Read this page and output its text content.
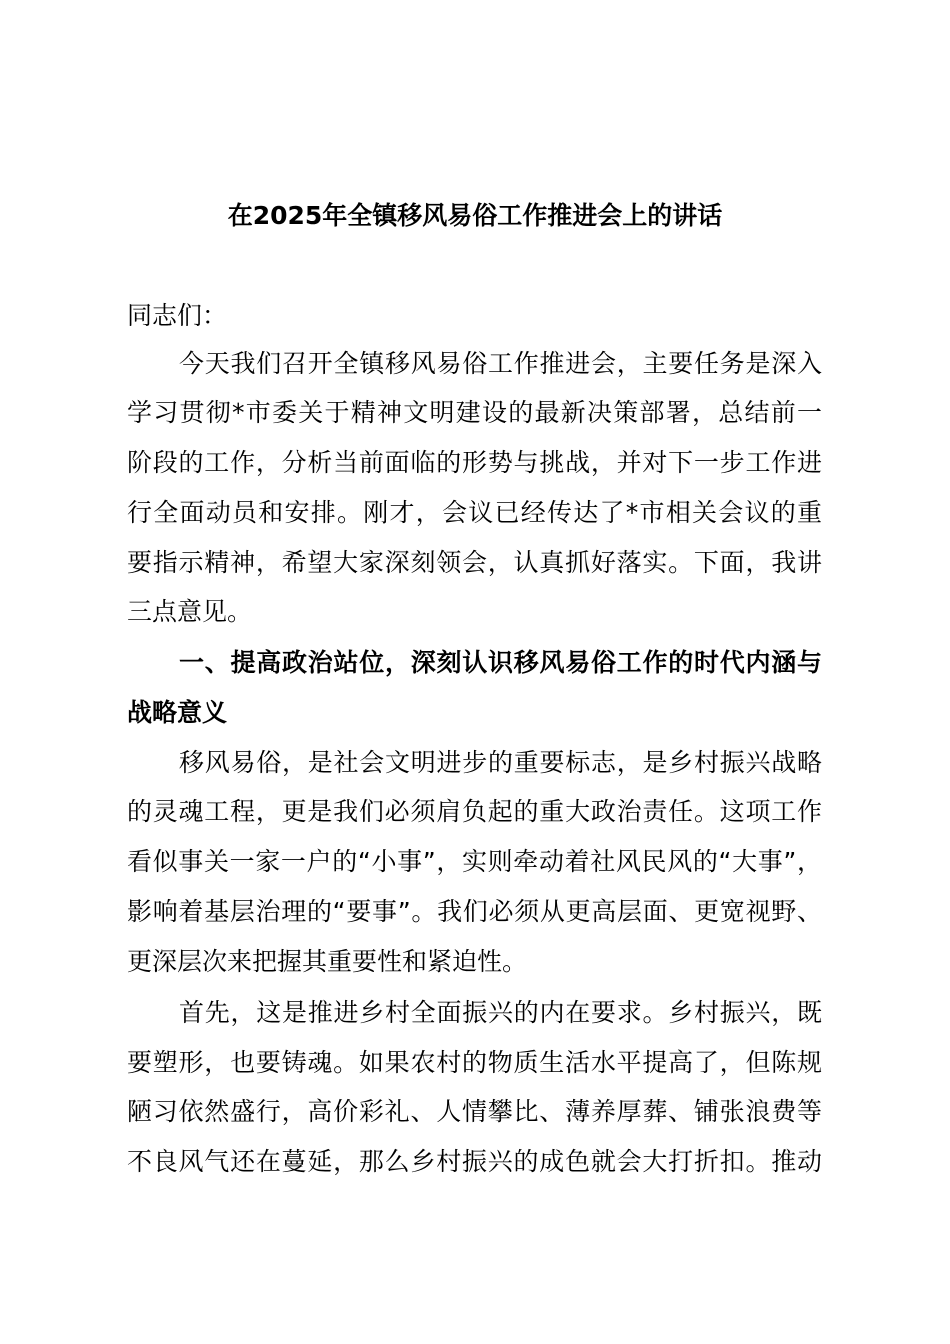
在2025年全镇移风易俗工作推进会上的讲话
同志们：
今天我们召开全镇移风易俗工作推进会，主要任务是深入
学习贯彻*市委关于精神文明建设的最新决策部署，总结前一
阶段的工作，分析当前面临的形势与挑战，并对下一步工作进
行全面动员和安排。刚才，会议已经传达了*市相关会议的重
要指示精神，希望大家深刻领会，认真抓好落实。下面，我讲
三点意见。
一、提高政治站位，深刻认识移风易俗工作的时代内涵与
战略意义
移风易俗，是社会文明进步的重要标志，是乡村振兴战略
的灵魂工程，更是我们必须肩负起的重大政治责任。这项工作
看似事关一家一户的“小事”，实则牵动着社风民风的“大事”，
影响着基层治理的“要事”。我们必须从更高层面、更宽视野、
更深层次来把握其重要性和紧迫性。
首先，这是推进乡村全面振兴的内在要求。乡村振兴，既
要塑形，也要铸魂。如果农村的物质生活水平提高了，但陈规
陋习依然盛行，高价彩礼、人情攀比、薄养厚葬、铺张浪费等
不良风气还在蔓延，那么乡村振兴的成色就会大打折扣。推动
